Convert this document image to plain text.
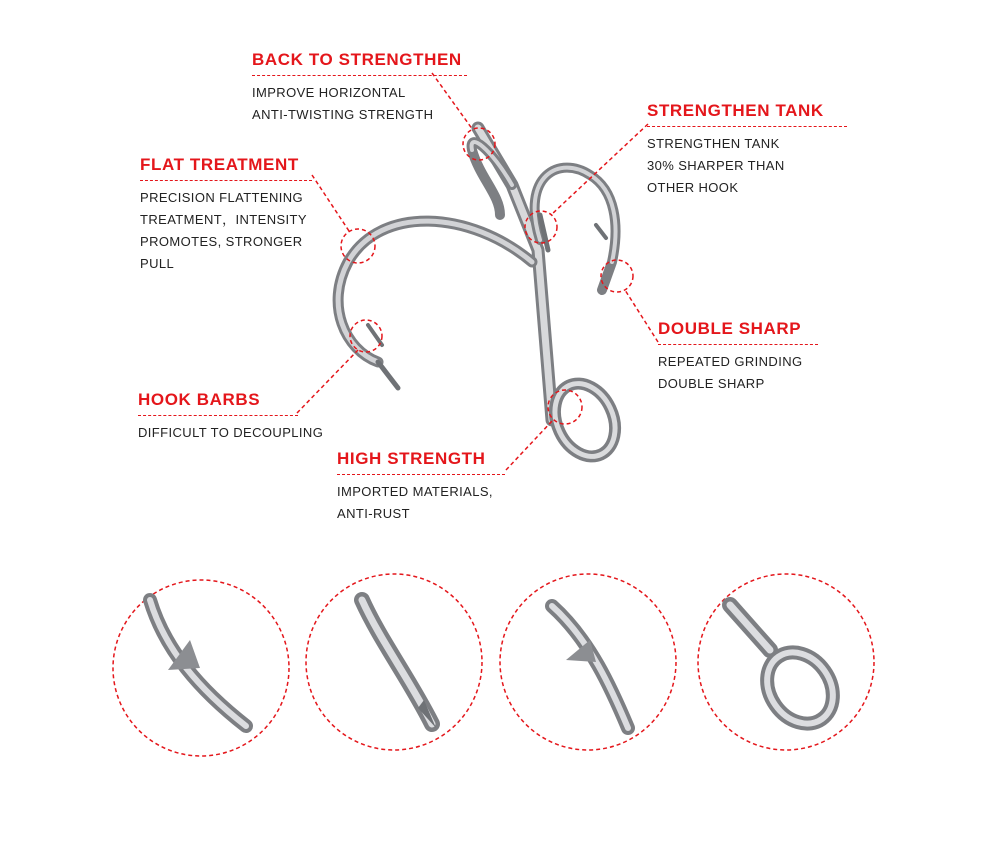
BACK TO STRENGTHEN
IMPROVE HORIZONTAL
ANTI-TWISTING STRENGTH	STRENGTHEN TANK
STRENGTHEN TANK
30% SHARPER THAN
OTHER HOOK
FLAT TREATMENT
PRECISION FLATTENING
TREATMENT，INTENSITY
PROMOTES, STRONGER
PULL
DOUBLE SHARP
REPEATED GRINDING
DOUBLE SHARP
HOOK BARBS
DIFFICULT TO DECOUPLING
HIGH STRENGTH
IMPORTED MATERIALS,
ANTI-RUST
